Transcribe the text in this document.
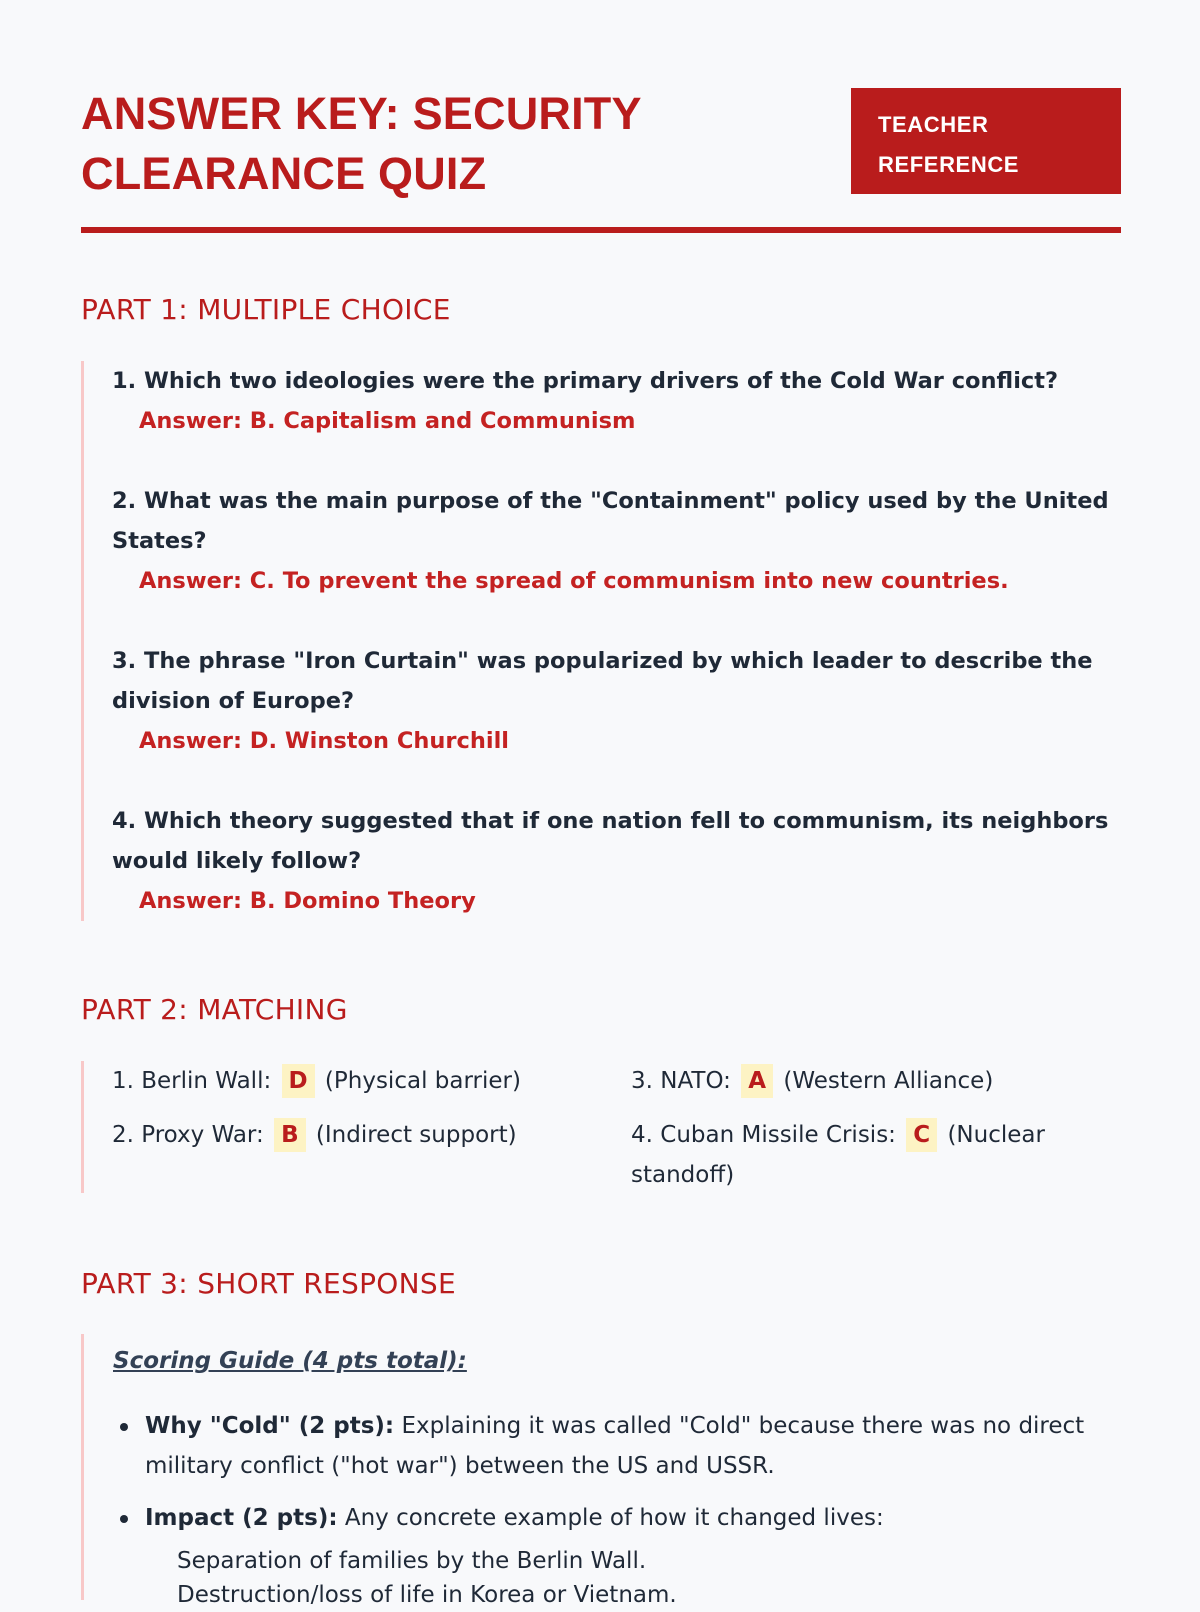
ANSWER KEY: SECURITY CLEARANCE QUIZ
TEACHER REFERENCE
PART 1: MULTIPLE CHOICE
1. Which two ideologies were the primary drivers of the Cold War conflict?
Answer: B. Capitalism and Communism
2. What was the main purpose of the "Containment" policy used by the United States?
Answer: C. To prevent the spread of communism into new countries.
3. The phrase "Iron Curtain" was popularized by which leader to describe the division of Europe?
Answer: D. Winston Churchill
4. Which theory suggested that if one nation fell to communism, its neighbors would likely follow?
Answer: B. Domino Theory
PART 2: MATCHING
1. Berlin Wall: D (Physical barrier)
2. Proxy War: B (Indirect support)
3. NATO: A (Western Alliance)
4. Cuban Missile Crisis: C (Nuclear standoff)
PART 3: SHORT RESPONSE
Scoring Guide (4 pts total):
Why "Cold" (2 pts): Explaining it was called "Cold" because there was no direct military conflict ("hot war") between the US and USSR.
Impact (2 pts): Any concrete example of how it changed lives:
Separation of families by the Berlin Wall.
Destruction/loss of life in Korea or Vietnam.
